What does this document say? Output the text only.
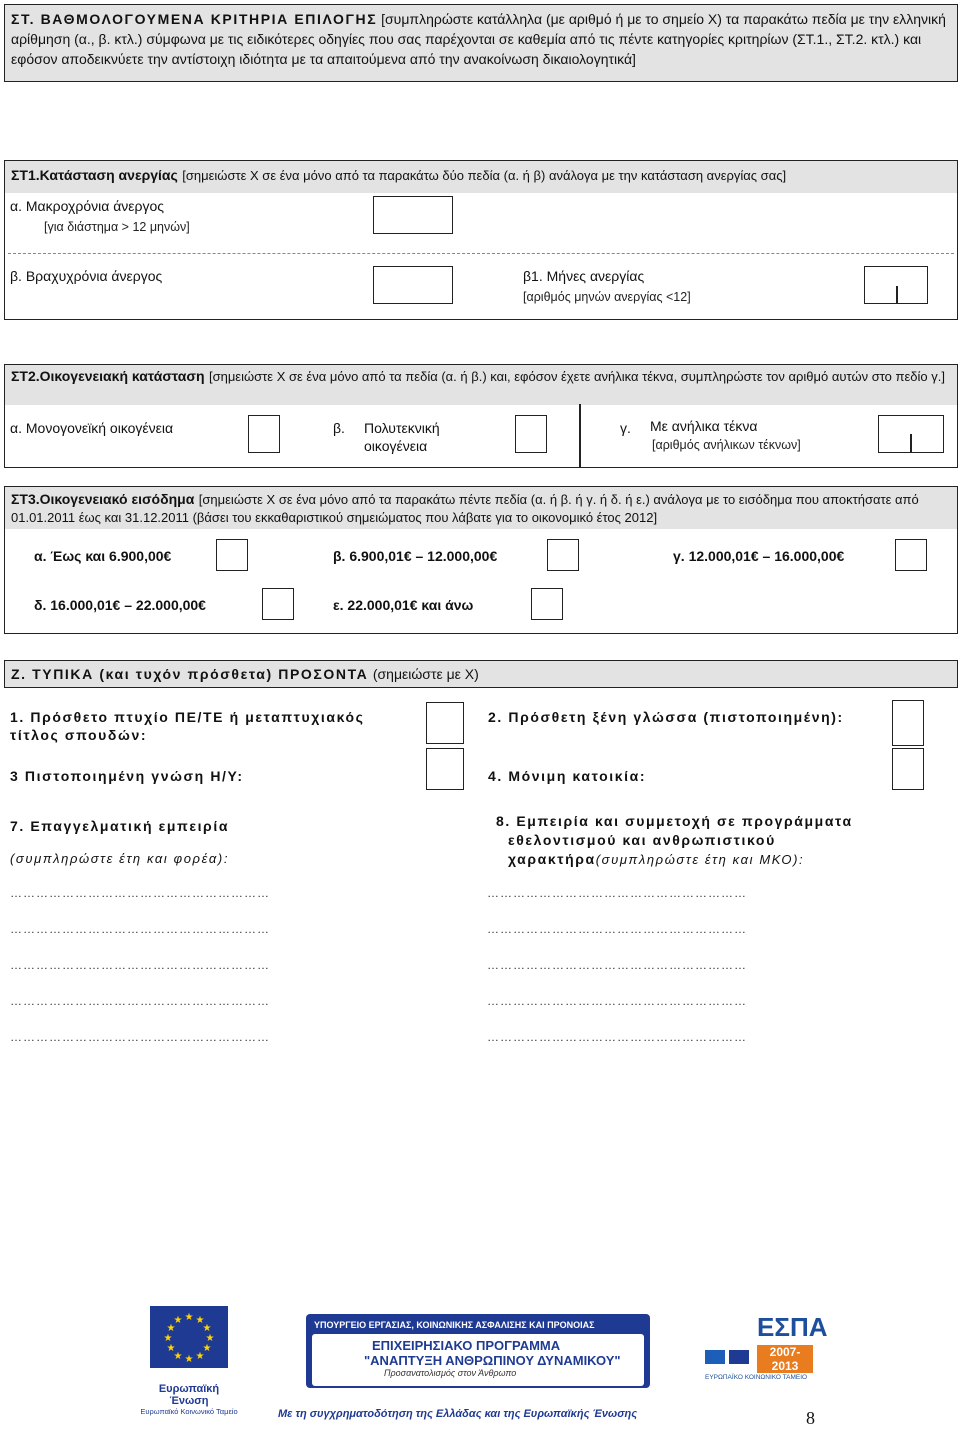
ΣΤ. ΒΑΘΜΟΛΟΓΟΥΜΕΝΑ ΚΡΙΤΗΡΙΑ ΕΠΙΛΟΓΗΣ [συμπληρώστε κατάλληλα (με αριθμό ή με το σημείο Χ) τα παρακάτω πεδία με την ελληνική αρίθμηση (α., β. κτλ.) σύμφωνα με τις ειδικότερες οδηγίες που σας παρέχονται σε καθεμία από τις πέντε κατηγορίες κριτηρίων (ΣΤ.1., ΣΤ.2. κτλ.) και εφόσον αποδεικνύετε την αντίστοιχη ιδιότητα με τα απαιτούμενα από την ανακοίνωση δικαιολογητικά]
ΣΤ1.Κατάσταση ανεργίας [σημειώστε Χ σε ένα μόνο από τα παρακάτω δύο πεδία (α. ή β) ανάλογα με την κατάσταση ανεργίας σας]
α. Μακροχρόνια άνεργος
[για διάστημα > 12 μηνών]
β. Βραχυχρόνια άνεργος	β1. Μήνες ανεργίας
[αριθμός μηνών ανεργίας <12]
ΣΤ2.Οικογενειακή κατάσταση [σημειώστε Χ σε ένα μόνο από τα πεδία (α. ή β.) και, εφόσον έχετε ανήλικα τέκνα, συμπληρώστε τον αριθμό αυτών στο πεδίο γ.]
α. Μονογονεϊκή οικογένεια	β. Πολυτεκνική
οικογένεια
γ. Με ανήλικα τέκνα
[αριθμός ανήλικων τέκνων]
ΣΤ3.Οικογενειακό εισόδημα [σημειώστε Χ σε ένα μόνο από τα παρακάτω πέντε πεδία (α. ή β. ή γ. ή δ. ή ε.) ανάλογα με το εισόδημα που αποκτήσατε από 01.01.2011 έως και 31.12.2011 (βάσει του εκκαθαριστικού σημειώματος που λάβατε για το οικονομικό έτος 2012]
α. Έως και 6.900,00€	β. 6.900,01€ – 12.000,00€	γ. 12.000,01€ – 16.000,00€
δ. 16.000,01€ – 22.000,00€	ε. 22.000,01€ και άνω
Ζ. ΤΥΠΙΚΑ (και τυχόν πρόσθετα) ΠΡΟΣΟΝΤΑ (σημειώστε με Χ)
1. Πρόσθετο πτυχίο ΠΕ/ΤΕ ή μεταπτυχιακός
τίτλος σπουδών:
2. Πρόσθετη ξένη γλώσσα (πιστοποιημένη):
3 Πιστοποιημένη γνώση Η/Υ:	4. Μόνιμη κατοικία:
7. Επαγγελματική εμπειρία
(συμπληρώστε έτη και φορέα):
8. Εμπειρία και συμμετοχή σε προγράμματα
εθελοντισμού και ανθρωπιστικού
χαρακτήρα(συμπληρώστε έτη και ΜΚΟ):
……………………………………………………
……………………………………………………
……………………………………………………
……………………………………………………
……………………………………………………
……………………………………………………
……………………………………………………
……………………………………………………
……………………………………………………
……………………………………………………
★ ★
★
★
★
★
★
★
★
★
★
★
Ευρωπαϊκή Ένωση
Ευρωπαϊκό Κοινωνικό Ταμείο
ΥΠΟΥΡΓΕΙΟ ΕΡΓΑΣΙΑΣ, ΚΟΙΝΩΝΙΚΗΣ ΑΣΦΑΛΙΣΗΣ ΚΑΙ ΠΡΟΝΟΙΑΣ
ΕΠΙΧΕΙΡΗΣΙΑΚΟ ΠΡΟΓΡΑΜΜΑ
"ΑΝΑΠΤΥΞΗ ΑΝΘΡΩΠΙΝΟΥ ΔΥΝΑΜΙΚΟΥ"
Προσανατολισμός στον Άνθρωπο
ΕΣΠΑ
2007-2013
ΕΥΡΩΠΑΪΚΟ ΚΟΙΝΩΝΙΚΟ ΤΑΜΕΙΟ
Με τη συγχρηματοδότηση της Ελλάδας και της Ευρωπαϊκής Ένωσης	8
